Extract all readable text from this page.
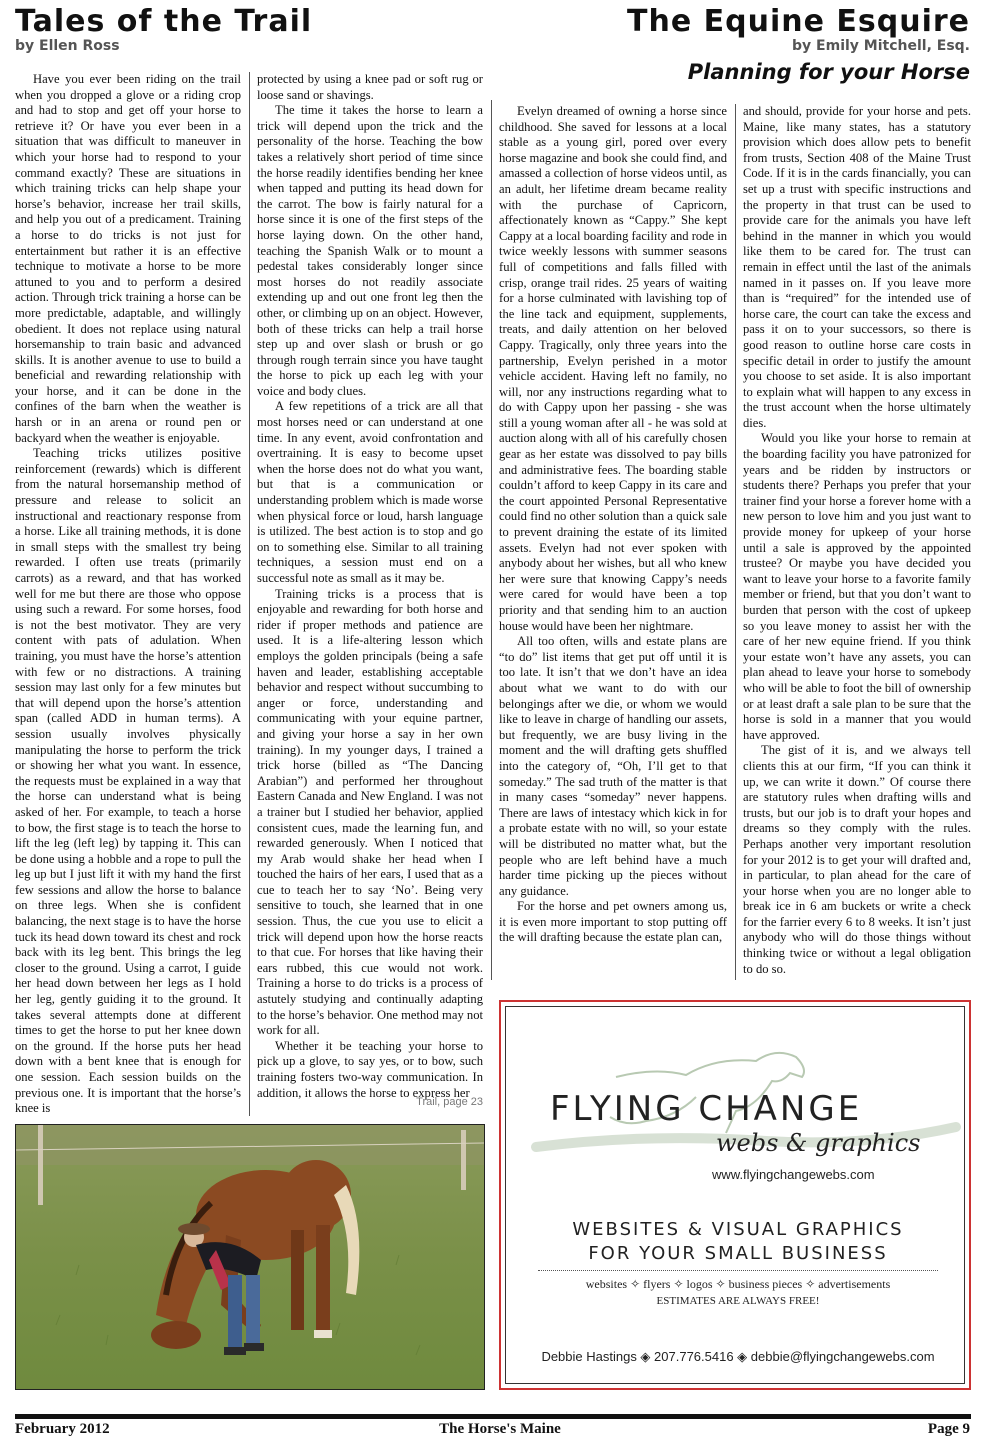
Tales of the Trail
by Ellen Ross
The Equine Esquire
by Emily Mitchell, Esq.
Planning for your Horse

Have you ever been riding on the trail when you dropped a glove or a riding crop and had to stop and get off your horse to retrieve it? Or have you ever been in a situation that was difficult to maneuver in which your horse had to respond to your command exactly? These are situations in which training tricks can help shape your horse’s behavior, increase her trail skills, and help you out of a predicament. Training a horse to do tricks is not just for entertainment but rather it is an effective technique to motivate a horse to be more attuned to you and to perform a desired action. Through trick training a horse can be more predictable, adaptable, and willingly obedient. It does not replace using natural horsemanship to train basic and advanced skills. It is another avenue to use to build a beneficial and rewarding relationship with your horse, and it can be done in the confines of the barn when the weather is harsh or in an arena or round pen or backyard when the weather is enjoyable.

Teaching tricks utilizes positive reinforcement (rewards) which is different from the natural horsemanship method of pressure and release to solicit an instructional and reactionary response from a horse. Like all training methods, it is done in small steps with the smallest try being rewarded. I often use treats (primarily carrots) as a reward, and that has worked well for me but there are those who oppose using such a reward. For some horses, food is not the best motivator. They are very content with pats of adulation. When training, you must have the horse’s attention with few or no distractions. A training session may last only for a few minutes but that will depend upon the horse’s attention span (called ADD in human terms). A session usually involves physically manipulating the horse to perform the trick or showing her what you want. In essence, the requests must be explained in a way that the horse can understand what is being asked of her. For example, to teach a horse to bow, the first stage is to teach the horse to lift the leg (left leg) by tapping it. This can be done using a hobble and a rope to pull the leg up but I just lift it with my hand the first few sessions and allow the horse to balance on three legs. When she is confident balancing, the next stage is to have the horse tuck its head down toward its chest and rock back with its leg bent. This brings the leg closer to the ground. Using a carrot, I guide her head down between her legs as I hold her leg, gently guiding it to the ground. It takes several attempts done at different times to get the horse to put her knee down on the ground. If the horse puts her head down with a bent knee that is enough for one session. Each session builds on the previous one. It is important that the horse’s knee is

protected by using a knee pad or soft rug or loose sand or shavings.

The time it takes the horse to learn a trick will depend upon the trick and the personality of the horse. Teaching the bow takes a relatively short period of time since the horse readily identifies bending her knee when tapped and putting its head down for the carrot. The bow is fairly natural for a horse since it is one of the first steps of the horse laying down. On the other hand, teaching the Spanish Walk or to mount a pedestal takes considerably longer since most horses do not readily associate extending up and out one front leg then the other, or climbing up on an object. However, both of these tricks can help a trail horse step up and over slash or brush or go through rough terrain since you have taught the horse to pick up each leg with your voice and body clues.

A few repetitions of a trick are all that most horses need or can understand at one time. In any event, avoid confrontation and overtraining. It is easy to become upset when the horse does not do what you want, but that is a communication or understanding problem which is made worse when physical force or loud, harsh language is utilized. The best action is to stop and go on to something else. Similar to all training techniques, a session must end on a successful note as small as it may be.

Training tricks is a process that is enjoyable and rewarding for both horse and rider if proper methods and patience are used. It is a life-altering lesson which employs the golden principals (being a safe haven and leader, establishing acceptable behavior and respect without succumbing to anger or force, understanding and communicating with your equine partner, and giving your horse a say in her own training). In my younger days, I trained a trick horse (billed as “The Dancing Arabian”) and performed her throughout Eastern Canada and New England. I was not a trainer but I studied her behavior, applied consistent cues, made the learning fun, and rewarded generously. When I noticed that my Arab would shake her head when I touched the hairs of her ears, I used that as a cue to teach her to say ‘No’. Being very sensitive to touch, she learned that in one session. Thus, the cue you use to elicit a trick will depend upon how the horse reacts to that cue. For horses that like having their ears rubbed, this cue would not work. Training a horse to do tricks is a process of astutely studying and continually adapting to the horse’s behavior. One method may not work for all.

Whether it be teaching your horse to pick up a glove, to say yes, or to bow, such training fosters two-way communication. In addition, it allows the horse to express her

Trail, page 23

Evelyn dreamed of owning a horse since childhood. She saved for lessons at a local stable as a young girl, pored over every horse magazine and book she could find, and amassed a collection of horse videos until, as an adult, her lifetime dream became reality with the purchase of Capricorn, affectionately known as “Cappy.” She kept Cappy at a local boarding facility and rode in twice weekly lessons with summer seasons full of competitions and falls filled with crisp, orange trail rides. 25 years of waiting for a horse culminated with lavishing top of the line tack and equipment, supplements, treats, and daily attention on her beloved Cappy. Tragically, only three years into the partnership, Evelyn perished in a motor vehicle accident. Having left no family, no will, nor any instructions regarding what to do with Cappy upon her passing - she was still a young woman after all - he was sold at auction along with all of his carefully chosen gear as her estate was dissolved to pay bills and administrative fees. The boarding stable couldn’t afford to keep Cappy in its care and the court appointed Personal Representative could find no other solution than a quick sale to prevent draining the estate of its limited assets. Evelyn had not ever spoken with anybody about her wishes, but all who knew her were sure that knowing Cappy’s needs were cared for would have been a top priority and that sending him to an auction house would have been her nightmare.

All too often, wills and estate plans are “to do” list items that get put off until it is too late. It isn’t that we don’t have an idea about what we want to do with our belongings after we die, or whom we would like to leave in charge of handling our assets, but frequently, we are busy living in the moment and the will drafting gets shuffled into the category of, “Oh, I’ll get to that someday.” The sad truth of the matter is that in many cases “someday” never happens. There are laws of intestacy which kick in for a probate estate with no will, so your estate will be distributed no matter what, but the people who are left behind have a much harder time picking up the pieces without any guidance.

For the horse and pet owners among us, it is even more important to stop putting off the will drafting because the estate plan can,

and should, provide for your horse and pets. Maine, like many states, has a statutory provision which does allow pets to benefit from trusts, Section 408 of the Maine Trust Code. If it is in the cards financially, you can set up a trust with specific instructions and the property in that trust can be used to provide care for the animals you have left behind in the manner in which you would like them to be cared for. The trust can remain in effect until the last of the animals named in it passes on. If you leave more than is “required” for the intended use of horse care, the court can take the excess and pass it on to your successors, so there is good reason to outline horse care costs in specific detail in order to justify the amount you choose to set aside. It is also important to explain what will happen to any excess in the trust account when the horse ultimately dies.

Would you like your horse to remain at the boarding facility you have patronized for years and be ridden by instructors or students there? Perhaps you prefer that your trainer find your horse a forever home with a new person to love him and you just want to provide money for upkeep of your horse until a sale is approved by the appointed trustee? Or maybe you have decided you want to leave your horse to a favorite family member or friend, but that you don’t want to burden that person with the cost of upkeep so you leave money to assist her with the care of her new equine friend. If you think your estate won’t have any assets, you can plan ahead to leave your horse to somebody who will be able to foot the bill of ownership or at least draft a sale plan to be sure that the horse is sold in a manner that you would have approved.

The gist of it is, and we always tell clients this at our firm, “If you can think it up, we can write it down.” Of course there are statutory rules when drafting wills and trusts, but our job is to draft your hopes and dreams so they comply with the rules. Perhaps another very important resolution for your 2012 is to get your will drafted and, in particular, to plan ahead for the care of your horse when you are no longer able to break ice in 6 am buckets or write a check for the farrier every 6 to 8 weeks. It isn’t just anybody who will do those things without thinking twice or without a legal obligation to do so.

FLYING CHANGE
webs & graphics
www.flyingchangewebs.com
WEBSITES & VISUAL GRAPHICS
FOR YOUR SMALL BUSINESS
websites ✧ flyers ✧ logos ✧ business pieces ✧ advertisements
ESTIMATES ARE ALWAYS FREE!
Debbie Hastings ◈ 207.776.5416 ◈ debbie@flyingchangewebs.com
February 2012	The Horse's Maine	Page 9
